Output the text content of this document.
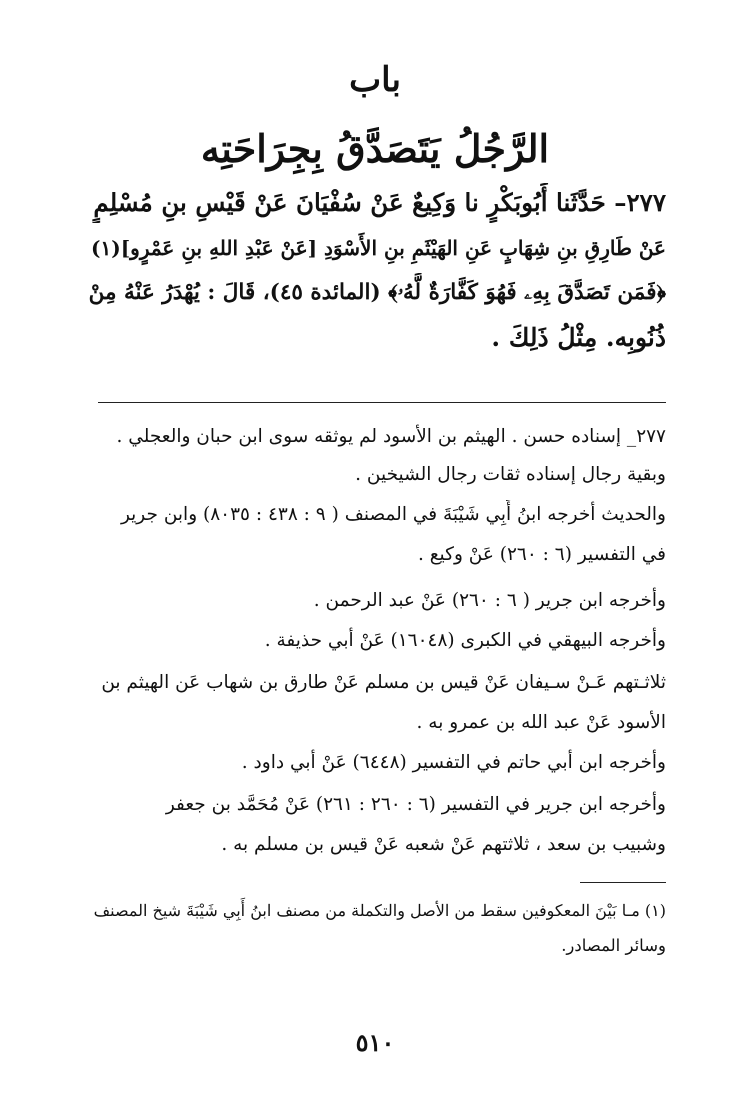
باب
الرَّجُلُ يَتَصَدَّقُ بِجِرَاحَتِه
٢٧٧– حَدَّثَنا أَبُوبَكْرٍ نا وَكِيعٌ عَنْ سُفْيَانَ عَنْ قَيْسِ بنِ مُسْلِمٍ
عَنْ طَارِقِ بنِ شِهَابٍ عَنِ الهَيْثَمِ بنِ الأَسْوَدِ [عَنْ عَبْدِ اللهِ بنِ عَمْرٍو](١)
﴿فَمَن تَصَدَّقَ بِهِۦ فَهُوَ كَفَّارَةٌ لَّهُۥ﴾ (المائدة ٤٥)، قَالَ : يُهْدَرُ عَنْهُ مِنْ
ذُنُوبِه. مِثْلُ ذَلِكَ .
٢٧٧_ إسناده حسن . الهيثم بن الأسود لم يوثقه سوى ابن حبان والعجلي .
وبقية رجال إسناده ثقات رجال الشيخين .
والحديث أخرجه ابنُ أَبِي شَيْبَةَ في المصنف ( ٩ : ٤٣٨ : ٨٠٣٥) وابن جرير
في التفسير (٦ : ٢٦٠) عَنْ وكيع .
وأخرجه ابن جرير ( ٦ : ٢٦٠) عَنْ عبد الرحمن .
وأخرجه البيهقي في الكبرى (١٦٠٤٨) عَنْ أبي حذيفة .
ثلاثـتهم عَـنْ سـيفان عَنْ قيس بن مسلم عَنْ طارق بن شهاب عَن الهيثم بن
الأسود عَنْ عبد الله بن عمرو به .
وأخرجه ابن أبي حاتم في التفسير (٦٤٤٨) عَنْ أبي داود .
وأخرجه ابن جرير في التفسير (٦ : ٢٦٠ : ٢٦١) عَنْ مُحَمَّد بن جعفر
وشبيب بن سعد ، ثلاثتهم عَنْ شعبه عَنْ قيس بن مسلم به .
(١) مـا بَيْنَ المعكوفين سقط من الأصل والتكملة من مصنف ابنُ أَبِي شَيْبَةَ شيخ المصنف
وسائر المصادر.
٥١٠
